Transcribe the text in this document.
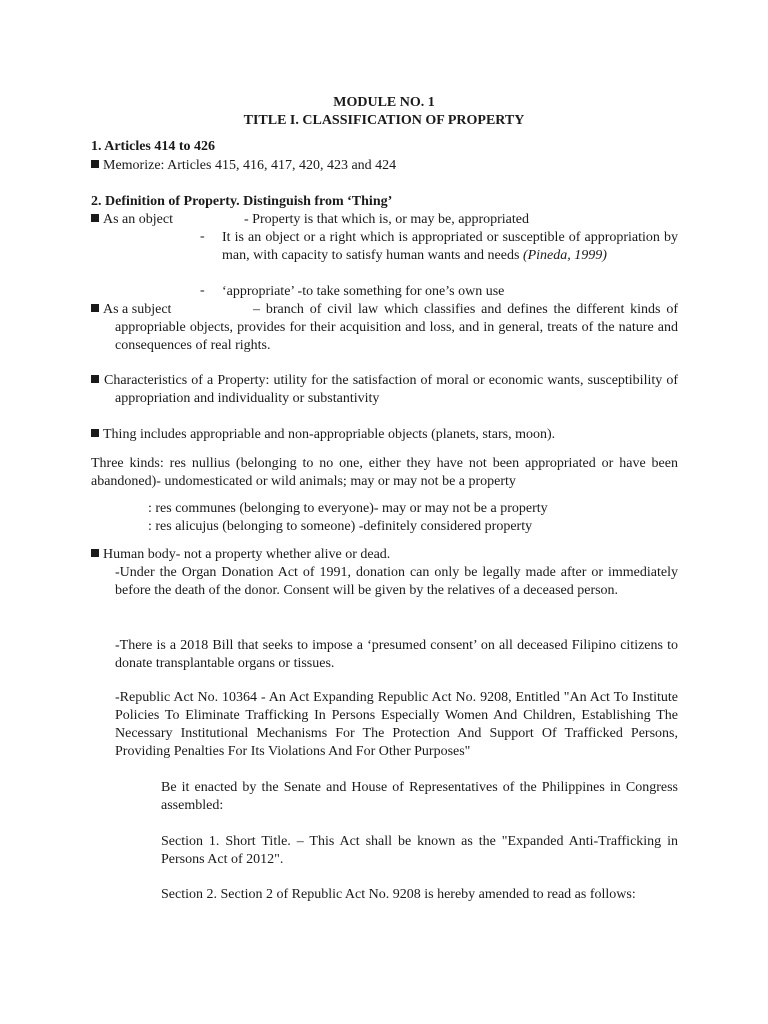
MODULE NO. 1
TITLE I. CLASSIFICATION OF PROPERTY
1. Articles 414 to 426
Memorize: Articles 415, 416, 417, 420, 423 and 424
2. Definition of Property. Distinguish from ‘Thing’
As an object	- Property is that which is, or may be, appropriated
- It is an object or a right which is appropriated or susceptible of appropriation by man, with capacity to satisfy human wants and needs (Pineda, 1999)
- ‘appropriate’ -to take something for one’s own use
As a subject	– branch of civil law which classifies and defines the different kinds of appropriable objects, provides for their acquisition and loss, and in general, treats of the nature and consequences of real rights.
Characteristics of a Property: utility for the satisfaction of moral or economic wants, susceptibility of appropriation and individuality or substantivity
Thing includes appropriable and non-appropriable objects (planets, stars, moon).
Three kinds: res nullius (belonging to no one, either they have not been appropriated or have been abandoned)- undomesticated or wild animals; may or may not be a property
: res communes (belonging to everyone)- may or may not be a property
: res alicujus (belonging to someone) -definitely considered property
Human body- not a property whether alive or dead.
-Under the Organ Donation Act of 1991, donation can only be legally made after or immediately before the death of the donor. Consent will be given by the relatives of a deceased person.
-There is a 2018 Bill that seeks to impose a ‘presumed consent’ on all deceased Filipino citizens to donate transplantable organs or tissues.
-Republic Act No. 10364 - An Act Expanding Republic Act No. 9208, Entitled "An Act To Institute Policies To Eliminate Trafficking In Persons Especially Women And Children, Establishing The Necessary Institutional Mechanisms For The Protection And Support Of Trafficked Persons, Providing Penalties For Its Violations And For Other Purposes"
Be it enacted by the Senate and House of Representatives of the Philippines in Congress assembled:
Section 1. Short Title. – This Act shall be known as the "Expanded Anti-Trafficking in Persons Act of 2012".
Section 2. Section 2 of Republic Act No. 9208 is hereby amended to read as follows:
